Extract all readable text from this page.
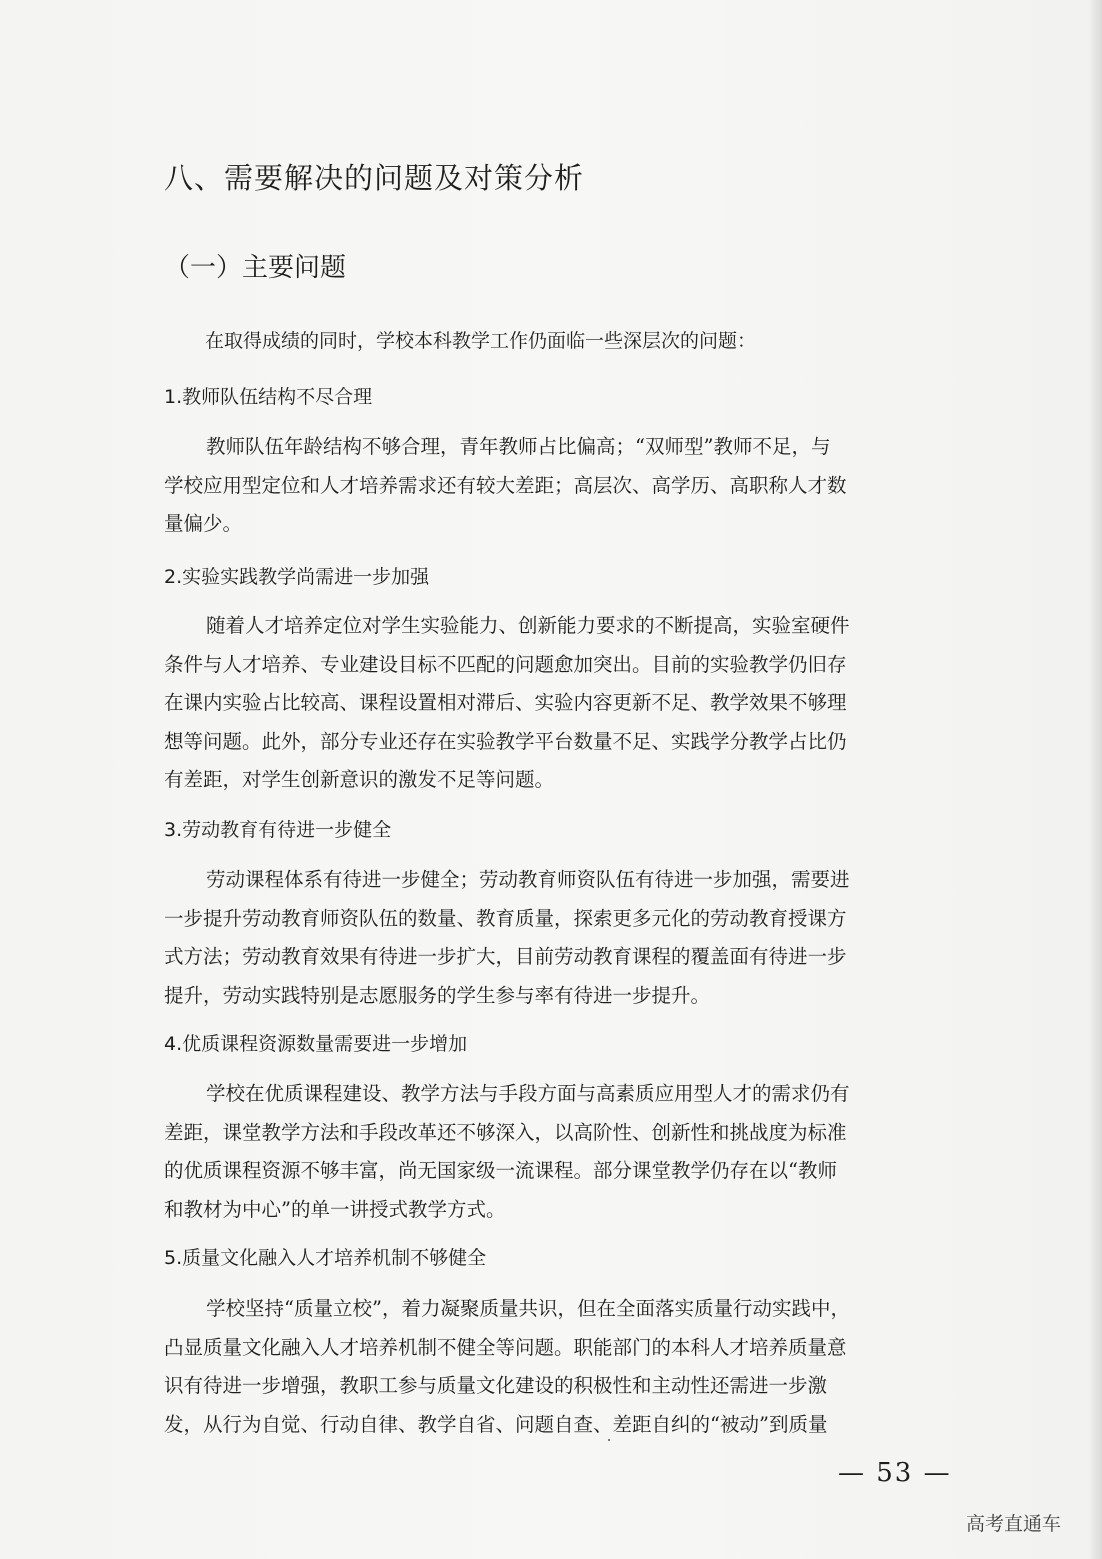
八、需要解决的问题及对策分析
（一）主要问题
在取得成绩的同时，学校本科教学工作仍面临一些深层次的问题：
1.教师队伍结构不尽合理
教师队伍年龄结构不够合理，青年教师占比偏高；“双师型”教师不足，与
学校应用型定位和人才培养需求还有较大差距；高层次、高学历、高职称人才数
量偏少。
2.实验实践教学尚需进一步加强
随着人才培养定位对学生实验能力、创新能力要求的不断提高，实验室硬件
条件与人才培养、专业建设目标不匹配的问题愈加突出。目前的实验教学仍旧存
在课内实验占比较高、课程设置相对滞后、实验内容更新不足、教学效果不够理
想等问题。此外，部分专业还存在实验教学平台数量不足、实践学分教学占比仍
有差距，对学生创新意识的激发不足等问题。
3.劳动教育有待进一步健全
劳动课程体系有待进一步健全；劳动教育师资队伍有待进一步加强，需要进
一步提升劳动教育师资队伍的数量、教育质量，探索更多元化的劳动教育授课方
式方法；劳动教育效果有待进一步扩大，目前劳动教育课程的覆盖面有待进一步
提升，劳动实践特别是志愿服务的学生参与率有待进一步提升。
4.优质课程资源数量需要进一步增加
学校在优质课程建设、教学方法与手段方面与高素质应用型人才的需求仍有
差距，课堂教学方法和手段改革还不够深入，以高阶性、创新性和挑战度为标准
的优质课程资源不够丰富，尚无国家级一流课程。部分课堂教学仍存在以“教师
和教材为中心”的单一讲授式教学方式。
5.质量文化融入人才培养机制不够健全
学校坚持“质量立校”，着力凝聚质量共识，但在全面落实质量行动实践中，
凸显质量文化融入人才培养机制不健全等问题。职能部门的本科人才培养质量意
识有待进一步增强，教职工参与质量文化建设的积极性和主动性还需进一步激
发，从行为自觉、行动自律、教学自省、问题自查、差距自纠的“被动”到质量
— 53 —
高考直通车
